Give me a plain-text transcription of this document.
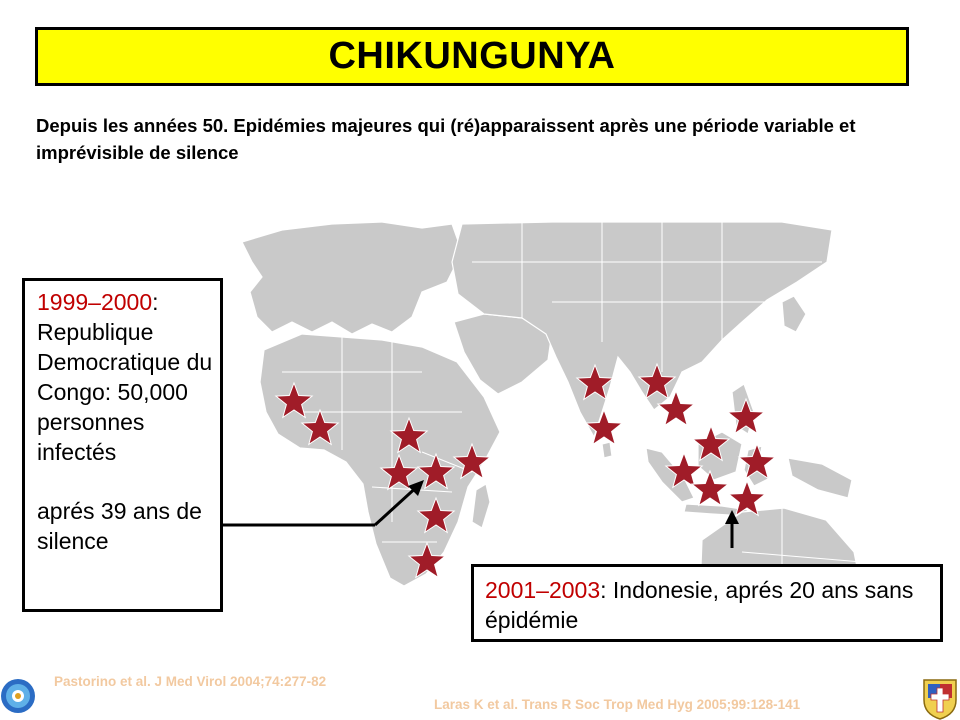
CHIKUNGUNYA
Depuis les années 50. Epidémies majeures qui (ré)apparaissent après une période variable et imprévisible de silence
1999–2000: Republique Democratique du Congo: 50,000 personnes infectés
aprés 39 ans de silence
2001–2003: Indonesie, aprés 20 ans sans épidémie
Pastorino et al. J Med Virol 2004;74:277-82
Laras K et al. Trans R Soc Trop Med Hyg 2005;99:128-141
